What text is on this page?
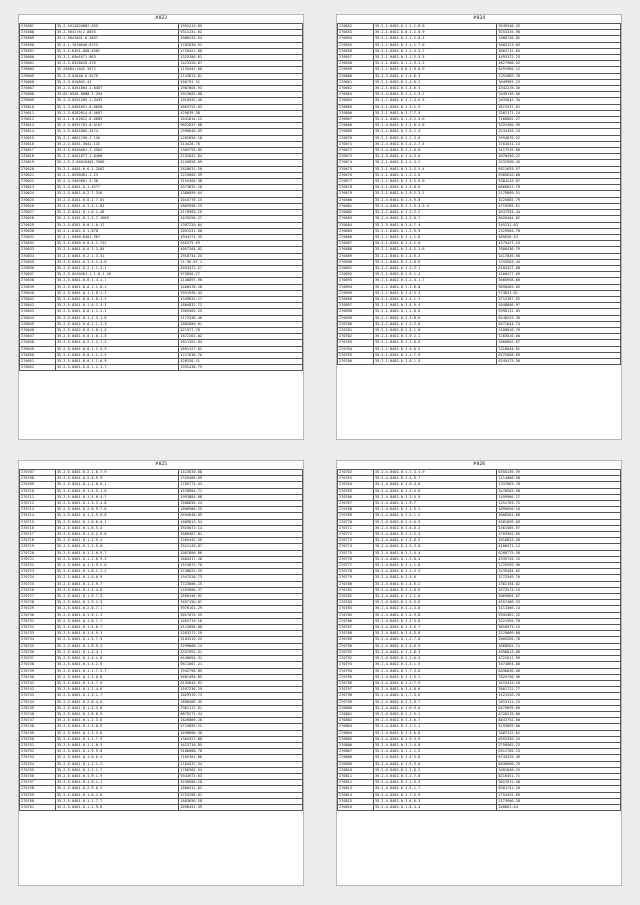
#823
270587	35.2-5411820882.055	2992415.05
270588	35.2-3641(6)2.8035	9311231.02
270589	35.2-5041601.0.2857	1080243.54
270590	35.2-1-7610640.6723	1782630.51
270591	35.2-5-6491.000.6582	2720421.00
270600	35.2-1-65m1671.863	1325206.61
270601	35.2-3.0326018.476	1423320.87
270603	35.20584(1042.3472	1135445.00
270605	35.2-3-01640.0.9179	1143874.81
270606	35.2-3.010841.41	556791.31
270607	35.2-4.0201804.1.8487	2987804.93
270608	35.02.0326.0080.1.294	3913682.08
270609	35.2-3.0291209.1.3433	1016942.46
270610	35.2-3-0401651.0.6658	2663752.03
270611	35.2-3.0282014.0.4087	429839.38
270612	35.2-1.0-82012.0.6689	1041814.12
270613	35.2-3.0591703.0.6107	9022837.68
270614	35.2-5.0401005.3574	1998846.05
270615	35.2-1.0661290.1.126	1282056.18
270616	35.2-3-0201.3041.132	314428.78
270617	35.2-5-0340401.2.3502	1303793.85
270618	35.2-1.0401077.1.0468	2232847.84
270619	35.2-5.2-04010401.3580	3226858.09
270620	35.2-1.0401.0.6.1.2502	2628631.20
270621	35.2-1.0290401.1.23	2215605.99
270622	35.2-4-5402001.3.30	3154305.38
270623	35.2-4.0401.0.1.3277	3373832.20
270624	35.2-5.0401.0.2.7.316	1380899.64
270625	35.2-4-0201.6.0.1.7.01	2016770.15
270626	35.2-1.0201.0.1.3.1.04	2863998.25
270627	35.2-5-0201.0.1.0.1.48	2170903.19
270628	35.2-5.0101.8.1.2.7.1089	1676296.27
270629	35.2-5-0201.0.0.1.0.17	1387220.04
270630	35.2-1-0102.0.1.878	2091231.60
270631	35.2-1-0360-0401.367	4943371.35
270632	35.2-5.0360-0.0.4.1.722	946379.49
270633	35.2-5-0401.0.0.3.2.04	4057204.82
270634	35.2-5.0401.0.2.1.3.41	2916734.25
270635	35.2-5.0201.0.1.4.1.4.6	11.96.07.1
270636	35.2-5.0401.0.2.1.1.3.1	4033472.27
270637	35.2-5-0240401.1.1.0.1.26	975050.27
270638	35.2-5.0401.0.0.1.4.1.7	2140897.96
270639	35.2-5.0401.0.0.1.1.0.1	1460478.28
270640	35.2-5.0401.0.1.1.8.1.1	5931935.43
270641	35.2-5.0401.0.0.1.0.1.2	1349832.17
270642	35.2-5.0201.0.1.0.1.3.1	1804832.72
270643	35.2-5.0401.0.0.1.1.2.1	1965502.25
270644	35.2-5-0401.0.1.2.3.1.8	1172338.46
270645	35.2-5.0401.0.0.1.1.1.3	1802800.01
270646	35.2-5.0302.0.0.1.0.1.4	421577.78
270647	35.2-5.0401.0.0.1.0.1.5	1872262.02
270648	35.2-5.0401.0.2.1.1.7.2	2611391.84
270649	35.2-5-0401.0.0.1.1.3.9	2891127.62
270650	35.2-5.0401.0.0.1.1.1.4	1217630.70
270651	35.2-5.0401.0.0.1.1.6.9	428328.31
270652	35.2-5-0401.0.0.1.1.1.7	1392430.79
#824
270652	35.2-1.0402.0.1.1.1.6.6	3549340.25
270653	35.2-1.0402.0.0.1.2.0.9	9253335.90
270654	35.2-1.0402.0.1.1.2.0.4	1088720.82
270655	35.2-1.0402.0.1.1.1.7.6	3005123.83
270656	35.2-1.0402.0.1.1.4.5.7	3003712.04
270657	35.2-1.0402.0.1.1.2.5.5	4493172.23
270658	35.2-1.0402.0.1.1.9.2.2	3027908.52
270659	35.2-1.0402.0.0.1.9.0.9	6291966.12
270660	35.2-3.0402.0.1.4.6.3	1291869.78
270661	35.2-1.0402.0.1.4.6.2	3049983.23
270662	35.2-1.0402.0.1.3.6.3	4342278.36
270663	35.2-4.0402.0.1.1.1.5.7	2049138.06
270664	35.2-1.0402.0.1.1.4.6.5	2035042.34
270665	35.2-1.0402.0.1.3.1.3	2871937.91
270666	35.2-1.0402.0.1.7.7.5	3301171.24
270667	35.2-1.0402.0.1.3.2.3.6	7166802.27
270668	35.2-4.0402.0.1.2.0.4.6	3331380.99
270669	35.2-1.0402.0.1.5.2.4	5243455.24
270670	35.2-1.0402.0.1.2.3.0	3994870.22
270671	35.2-4.0402.0.1.4.2.7.5	3701831.14
270672	35.2-4.0402.0.1.2.0.8	2117519.00
270673	35.2-5.0402.0.1.4.3.0	5070450.22
270674	35.2-1.0402.0.1.2.3.2	2537099.45
270675	35.2-1.0402.0.1.3.2.2.4	6511693.57
270676	35.2-1.0402.0.1.3.2.6	5985620.68
270677	35.2-1.0402.0.1.3.5.9.0	5384243.87
270678	35.2-1.0402.0.1.3.8.6	6866631.79
270679	35.2-1.0402.0.1.9.2.2.1	2179889.51
270680	35.2-4.0402.0.1.3.9.8	3225865.79
270681	35.2-4.0402.0.1.1.9.3.5.4	4715289.61
270682	35.2-1.0402.0.1.2.3.2	5647334.44
270683	35.2-4.0402.0.1.2.0.7	6020164.62
270684	35.2-5.0402.0.1.4.7.4	345231.63
270685	35.2-1.0402.0.1.1.9.9	1329904.78
270686	35.2-1.0402.0.1.1.1.8	465630.43
270687	35.2-1.0402.0.1.4.2.0	4279427.24
270688	35.2-1.0402.0.1.4.2.1.6	7808436.79
270689	35.2-1.0402.0.1.4.6.2	3417049.60
270690	35.2-1.0402.0.1.1.8.6	1333563.44
270691	35.2-1.0402.0.1.2.3.1	8185427.08
270692	35.2-1.0402.0.1.9.1.4	1168477.69
270693	35.2-1.0402.0.1.2.4.1.7	5668958.60
270694	35.2-1.0402.0.1.1.6.8	9658465.03
270695	35.2-1.0402.0.1.4.3.3	774831.61
270696	35.2-1.0402.0.1.4.1.3	3712387.92
270697	35.2-1.0402.0.1.4.9.4	3648808.97
270698	35.2-1.0402.0.1.1.0.6	9998122.05
270699	35.2-1.0402.0.1.3.8.6	8248233.36
270700	35.2-1.0402.0.1.2.3.8	6671644.74
270701	35.2-1.0402.0.1.3.1.8	2180816.76
270702	35.2-1.0402.0.1.9.2.1	7283010.60
270703	35.2-1.0402.0.1.1.0.6	2068002.07
270704	35.2-1.0402.0.1.9.6.5	2318044.01
270705	35.2-1.0402.0.1.1.7.9	8175858.09
270706	35.2-1.0402.0.1.0.1.5	6345475.56
#825
270707	35.2-5.0401.0.2.1.6.7.9	1415670.08
270708	35.2-5.0201.0.2.0.9.9	1329400.69
270709	35.2-5.0201.0.1.4.0.0.1	1785773.43
270710	35.2-5.0401.0.1.5.5.1.0	1578904.71
270711	35.2-5.0401.0.1.5.0.4.7	1993884.68
270712	35.2-5.0401.0.1.3.3.4.8	1588656.24
270713	35.2-5.0401.0.2.0.9.7.6	1806988.25
270714	35.2-5.0401.0.1.2.9.0.8	3494048.85
270715	35.2-5.0401.0.1.0.8.0.1	1689813.54
270716	35.2-5.0401.0.1.6.5.4	3925672.14
270717	35.2-5.0401.0.1.6.2.9.6	1066987.81
270718	35.2-5.0401.0.1.2.5.4	1205442.39
270719	35.2-5.0401.0.1.2.5.0	2521149.87
270720	35.2-5.0401.0.1.2.0.9.7	1087896.86
270721	35.2-5.0401.0.1.2.6.9.2	1684317.28
270722	35.2-5.0401.0.1.2.9.2.0	1513872.70
270723	35.2-5.0401.0.1.0.1.1.2	3748622.25
270724	35.2-5.0401.0.1.0.6.9	1947528.73
270725	35.2-5.0401.0.1.1.9.7	7723606.15
270726	35.2-5.0401.0.1.4.4.8	1453906.37
270727	35.2-5.0401.0.1.9.7.3	1696348.92
270728	35.2-5.0401.0.1.9.1.3	3497150.67
270729	35.2-5.0401.0.2.0.7.1	3976161.29
270730	35.2-5.0401.0.1.9.1.3	3017074.55
270731	35.2-5.0401.0.1.8.1.7	2481776.16
270732	35.2-5.0401.0.1.5.6.7	5113096.86
270733	35.2-5.0401.0.1.4.9.1	5283272.29
270734	35.2-5.0401.0.1.5.7.9	3103319.25
270735	35.2-5.0401.0.1.9.9.3	3299008.14
270736	35.2-5.0401.0.1.4.4.1	4337091.31
270737	35.2-5.0401.0.1.4.1.8	6448094.31
270738	35.2-5.0401.0.1.4.2.6	9611007.21
270739	35.2-5.0401.0.1.1.7.2.7	1942796.85
270740	35.2-5.0401.0.1.3.8.8	5681498.85
270741	35.2-5.0401.0.1.4.7.9	6135644.91
270742	35.2-5.0401.0.1.2.4.6	1597236.29
270743	35.2-5.0401.0.1.3.1.7	1029319.73
270744	35.2-5.0401.0.2.0.4.6	2690409.35
270745	35.2-5.0401.0.1.5.3.0	7901117.91
270746	35.2-5.0401.0.1.0.8.5	8875271.34
270747	35.2-5.0401.0.1.2.3.6	1626866.20
270748	35.2-5.0401.0.1.5.8.5	5715859.22
270749	35.2-5.0401.0.1.3.5.0	3490606.30
270750	35.2-5.0401.0.1.2.7.9	1304327.80
270751	35.2-5.0401.0.1.1.0.3	1613710.85
270752	35.2-5.0401.0.1.9.9.8	9186008.78
270753	35.2-5.0401.0.1.0.6.4	7102301.06
270754	35.2-5.0401.0.1.1.1.2	1164537.34
270755	35.2-5.0401.0.1.2.1.7	1766302.54
270756	35.2-5.0401.0.1.9.1.9	9344973.63
270757	35.2-5.0401.0.1.0.1.1	3230900.18
270758	35.2-5.0401.0.2.9.0.2	1600411.82
270759	35.2-5.0401.0.1.0.2.6	3753296.01
270760	35.2-5.0401.0.1.1.7.7	1803656.28
270761	35.2-5.0401.0.1.2.9.0	1698451.59
#826
270762	35.2-4.0402.0.1.7.3.4.9	6356139.59
270763	35.2-4.0402.0.1.4.9.7	2114068.58
270764	35.2-4.0402.0.1.6.4.6	1337863.78
270765	35.2-4.0402.0.1.3.4.6	3470503.58
270766	35.2-4.0402.0.1.3.4.9	2459966.17
270767	35.2-4.0402.0.1.9.7	1251763.72
270768	35.2-4.0402.0.1.3.9.1	1895656.16
270769	35.2-4.0402.0.1.2.1.2	3606501.68
270770	35.2-4.0402.0.1.5.6.9	4581699.63
270771	35.2-4.0402.0.1.6.6.2	5361585.97
270772	35.2-4.0402.0.1.2.2.3	3703502.65
270773	35.2-4.0402.0.1.5.8.5	1016833.28
270774	35.2-4.0402.0.1.3.3.8	4168471.11
270775	35.2-4.0402.0.1.1.4.4	6288775.28
270776	35.2-4.0402.0.1.3.0.4	4339745.15
270777	35.2-4.0402.0.1.1.1.8	1778399.90
270778	35.2-4.0402.0.1.1.3.3	3235404.02
270779	35.2-4.0402.0.1.9.6	3772549.76
270780	35.2-4.0402.0.1.4.6.2	1362184.82
270781	35.2-4.0402.0.1.1.8.6	2572513.15
270782	35.2-4.0402.0.1.1.1.0	3069084.07
270783	35.2-4.0402.0.1.5.9.6	4557486.33
270784	35.2-4.0402.0.1.2.3.0	5113306.14
270785	35.2-4.0402.0.1.4.9.8	5941962.22
270786	35.2-4.0402.0.1.2.5.0	3221594.78
270787	35.2-4.0402.0.1.3.6.7	3816573.15
270788	35.2-4.0402.0.1.4.3.8	2270009.00
270789	35.2-4.0402.0.1.2.7.8	2689265.78
270790	35.2-4.0402.0.1.5.6.9	3868501.11
270791	35.2-4.0402.0.1.1.8.3	4898813.00
270792	35.2-4.0402.0.1.2.6.4	4721611.99
270793	35.2-4.0402.0.1.3.1.5	5474864.88
270794	35.2-4.0402.0.1.7.3.6	6036830.00
270795	35.2-4.0402.0.1.1.5.1	7625750.50
270796	35.2-4.0402.0.1.2.7.5	2674433.10
270797	35.2-4.0402.0.1.4.0.6	3681722.77
270798	35.2-4.0402.0.1.7.3.6	1521226.76
270799	35.2-4.0402.0.1.3.9.7	2615121.15
270800	35.2-4.0402.0.1.6.9.0	6575895.69
270801	35.2-4.0402.0.1.2.9.1	6726278.80
270802	35.2-4.0402.0.1.3.6.7	8843752.60
270803	35.2-4.0402.0.1.2.1.1	5193899.00
270804	35.2-4.0402.0.1.3.0.6	3487412.61
270805	35.2-4.0402.0.1.9.5.5	6992350.24
270806	35.2-4.0402.0.1.2.4.8	2758902.22
270807	35.2-4.0402.0.1.1.1.5	6911785.15
270808	35.2-4.0402.0.1.4.3.8	6743433.49
270809	35.2-4.0402.0.1.5.9.0	6846000.29
270810	35.2-4.0402.0.1.1.8.2	3481048.25
270811	35.2-4.0402.0.1.1.7.8	8216451.71
270812	35.2-4.0402.0.1.1.3.3	3027612.40
270813	35.2-4.0402.0.1.5.1.7	8381751.16
270814	35.2-4.0402.0.1.7.5.5	1754492.69
270815	35.2-4.0402.0.1.6.6.3	2173900.38
270816	35.2-4.0402.0.1.8.4.4	348661.64
